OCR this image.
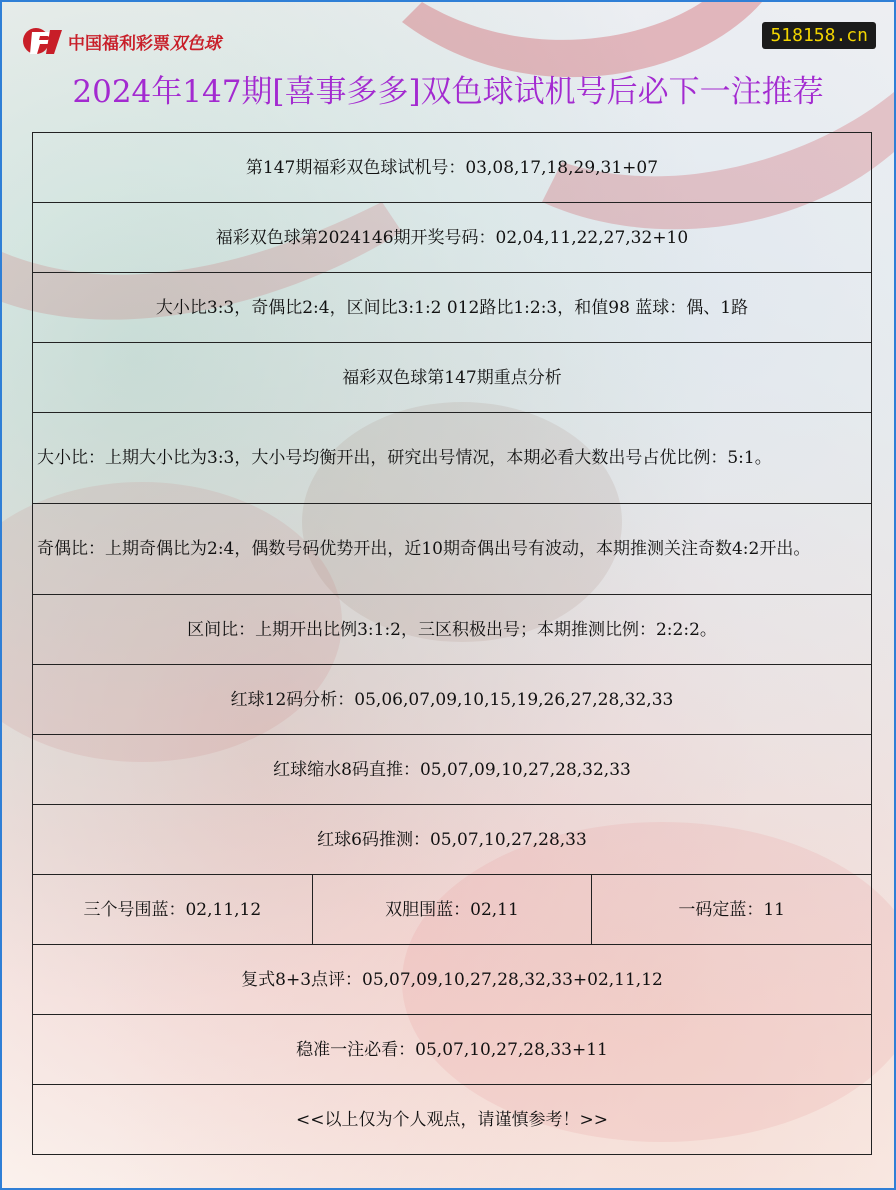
中国福利彩票双色球	518158.cn
2024年147期[喜事多多]双色球试机号后必下一注推荐
第147期福彩双色球试机号：03,08,17,18,29,31+07
福彩双色球第2024146期开奖号码：02,04,11,22,27,32+10
大小比3:3，奇偶比2:4，区间比3:1:2 012路比1:2:3，和值98 蓝球：偶、1路
福彩双色球第147期重点分析
大小比：上期大小比为3:3，大小号均衡开出，研究出号情况，本期必看大数出号占优比例：5:1。
奇偶比：上期奇偶比为2:4，偶数号码优势开出，近10期奇偶出号有波动，本期推测关注奇数4:2开出。
区间比：上期开出比例3:1:2，三区积极出号；本期推测比例：2:2:2。
红球12码分析：05,06,07,09,10,15,19,26,27,28,32,33
红球缩水8码直推：05,07,09,10,27,28,32,33
红球6码推测：05,07,10,27,28,33
三个号围蓝：02,11,12	双胆围蓝：02,11	一码定蓝：11
复式8+3点评：05,07,09,10,27,28,32,33+02,11,12
稳准一注必看：05,07,10,27,28,33+11
<<以上仅为个人观点，请谨慎参考！>>
